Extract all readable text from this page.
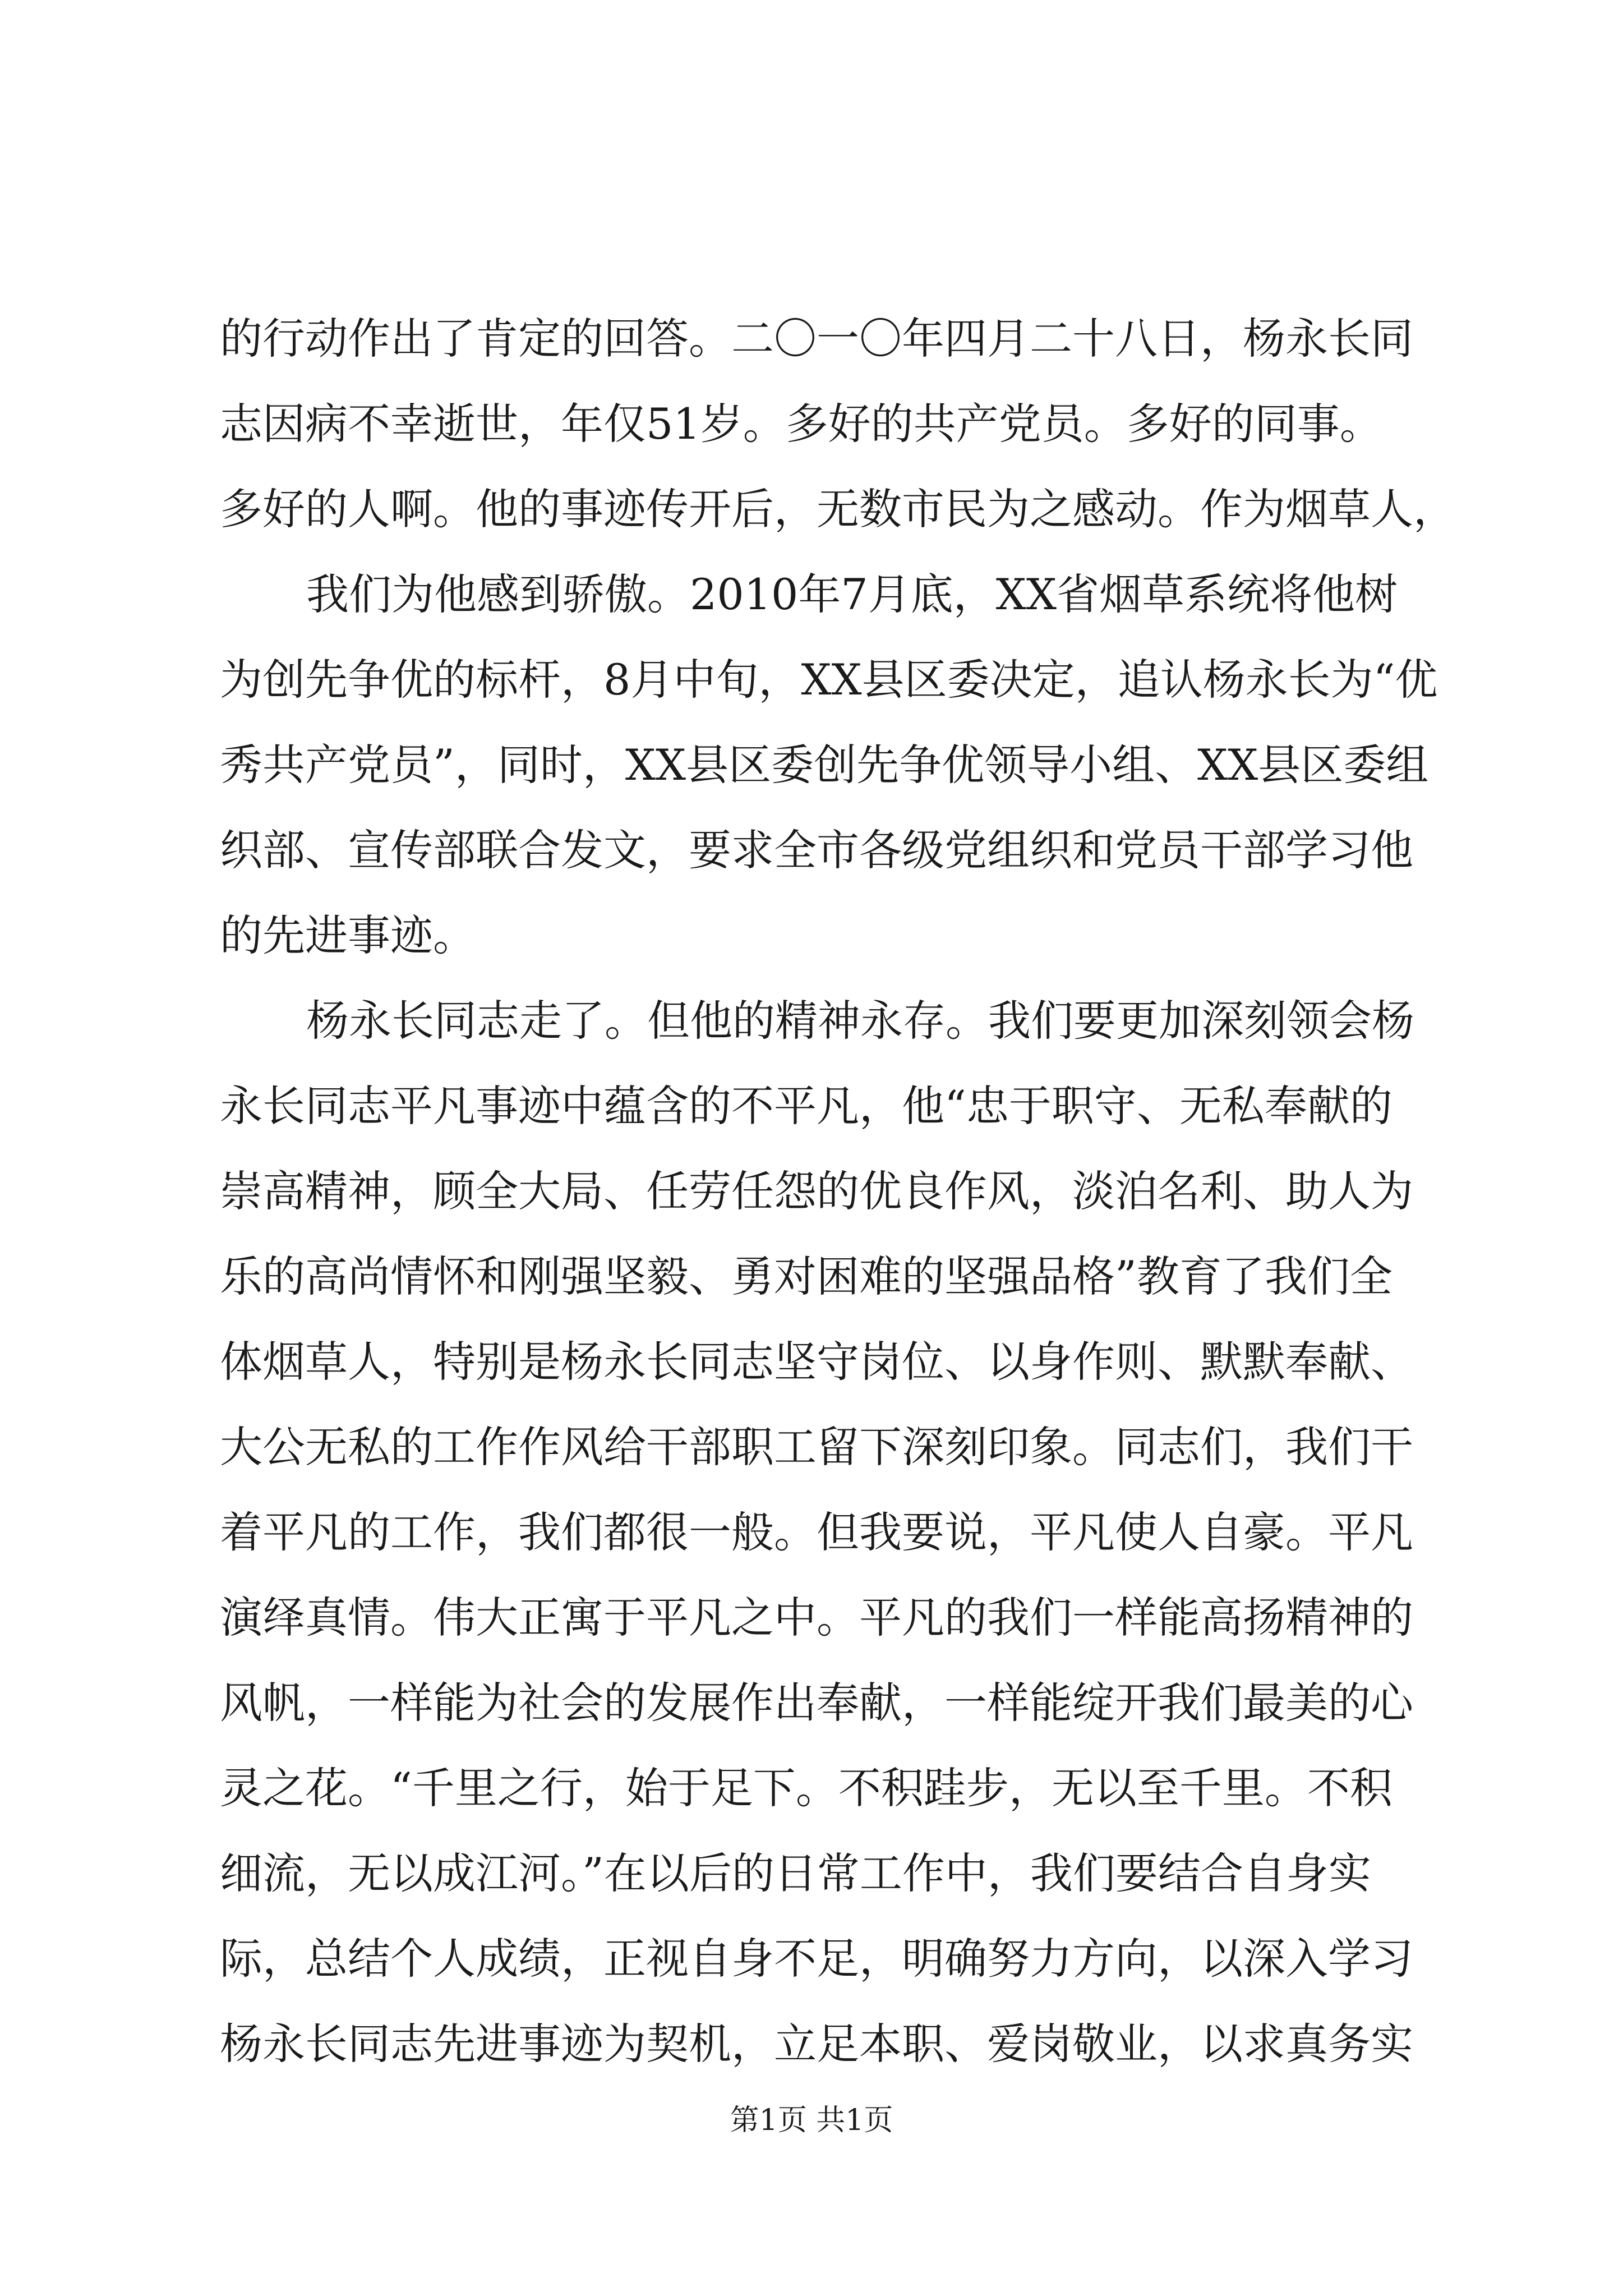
的行动作出了肯定的回答。二〇一〇年四月二十八日，杨永长同
志因病不幸逝世，年仅51岁。多好的共产党员。多好的同事。
多好的人啊。他的事迹传开后，无数市民为之感动。作为烟草人，
我们为他感到骄傲。2010年7月底，XX省烟草系统将他树
为创先争优的标杆，8月中旬，XX县区委决定，追认杨永长为“优
秀共产党员”，同时，XX县区委创先争优领导小组、XX县区委组
织部、宣传部联合发文，要求全市各级党组织和党员干部学习他
的先进事迹。
杨永长同志走了。但他的精神永存。我们要更加深刻领会杨
永长同志平凡事迹中蕴含的不平凡，他“忠于职守、无私奉献的
崇高精神，顾全大局、任劳任怨的优良作风，淡泊名利、助人为
乐的高尚情怀和刚强坚毅、勇对困难的坚强品格”教育了我们全
体烟草人，特别是杨永长同志坚守岗位、以身作则、默默奉献、
大公无私的工作作风给干部职工留下深刻印象。同志们，我们干
着平凡的工作，我们都很一般。但我要说，平凡使人自豪。平凡
演绎真情。伟大正寓于平凡之中。平凡的我们一样能高扬精神的
风帆，一样能为社会的发展作出奉献，一样能绽开我们最美的心
灵之花。“千里之行，始于足下。不积跬步，无以至千里。不积
细流，无以成江河。”在以后的日常工作中，我们要结合自身实
际，总结个人成绩，正视自身不足，明确努力方向，以深入学习
杨永长同志先进事迹为契机，立足本职、爱岗敬业，以求真务实
第1页 共1页
